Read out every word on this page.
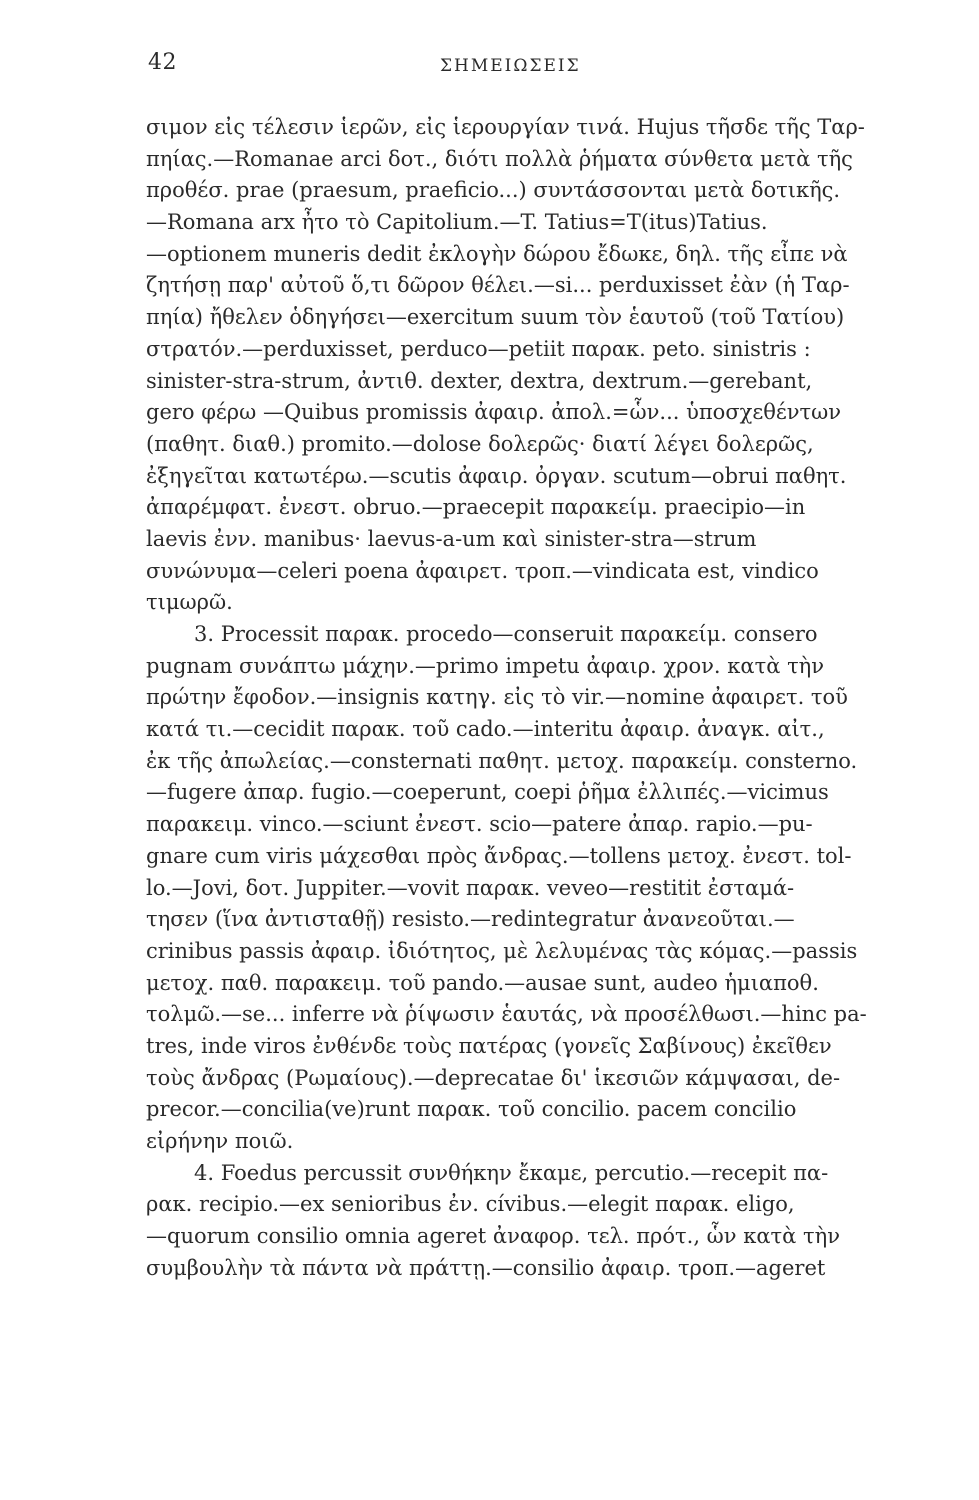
42	ΣΗΜΕΙΩΣΕΙΣ
σιμον εἰς τέλεσιν ἱερῶν, εἰς ἱερουργίαν τινά. Hujus τῆσδε τῆς Ταρ-
πηίας.—Romanae arci δοτ., διότι πολλὰ ῥήματα σύνθετα μετὰ τῆς
προθέσ. prae (praesum, praeficio...) συντάσσονται μετὰ δοτικῆς.
—Romana arx ἦτο τὸ Capitolium.—T. Tatius=T(itus)Tatius.
—optionem muneris dedit ἐκλογὴν δώρου ἔδωκε, δηλ. τῆς εἶπε νὰ
ζητήσῃ παρ' αὐτοῦ ὅ,τι δῶρον θέλει.—si... perduxisset ἐὰν (ἡ Ταρ-
πηία) ἤθελεν ὁδηγήσει—exercitum suum τὸν ἑαυτοῦ (τοῦ Τατίου)
στρατόν.—perduxisset, perduco—petiit παρακ. peto. sinistris :
sinister-stra-strum, ἀντιθ. dexter, dextra, dextrum.—gerebant,
gero φέρω —Quibus promissis ἀφαιρ. ἀπολ.=ὧν... ὑποσχεθέντων
(παθητ. διαθ.) promito.—dolose δολερῶς· διατί λέγει δολερῶς,
ἐξηγεῖται κατωτέρω.—scutis ἀφαιρ. ὀργαν. scutum—obrui παθητ.
ἀπαρέμφατ. ἐνεστ. obruo.—praecepit παρακείμ. praecipio—in
laevis ἐνν. manibus· laevus-a-um καὶ sinister-stra—strum
συνώνυμα—celeri poena ἀφαιρετ. τροπ.—vindicata est, vindico
τιμωρῶ.
3. Processit παρακ. procedo—conseruit παρακείμ. consero
pugnam συνάπτω μάχην.—primo impetu ἀφαιρ. χρον. κατὰ τὴν
πρώτην ἔφοδον.—insignis κατηγ. εἰς τὸ vir.—nomine ἀφαιρετ. τοῦ
κατά τι.—cecidit παρακ. τοῦ cado.—interitu ἀφαιρ. ἀναγκ. αἰτ.,
ἐκ τῆς ἀπωλείας.—consternati παθητ. μετοχ. παρακείμ. consterno.
—fugere ἀπαρ. fugio.—coeperunt, coepi ῥῆμα ἐλλιπές.—vicimus
παρακειμ. vinco.—sciunt ἐνεστ. scio—patere ἀπαρ. rapio.—pu-
gnare cum viris μάχεσθαι πρὸς ἄνδρας.—tollens μετοχ. ἐνεστ. tol-
lo.—Jovi, δοτ. Juppiter.—vovit παρακ. veveo—restitit ἐσταμά-
τησεν (ἵνα ἀντισταθῇ) resisto.—redintegratur ἀνανεοῦται.—
crinibus passis ἀφαιρ. ἰδιότητος, μὲ λελυμένας τὰς κόμας.—passis
μετοχ. παθ. παρακειμ. τοῦ pando.—ausae sunt, audeo ἡμιαποθ.
τολμῶ.—se... inferre νὰ ῥίψωσιν ἑαυτάς, νὰ προσέλθωσι.—hinc pa-
tres, inde viros ἐνθένδε τοὺς πατέρας (γονεῖς Σαβίνους) ἐκεῖθεν
τοὺς ἄνδρας (Ρωμαίους).—deprecatae δι' ἱκεσιῶν κάμψασαι, de-
precor.—concilia(ve)runt παρακ. τοῦ concilio. pacem concilio
εἰρήνην ποιῶ.
4. Foedus percussit συνθήκην ἔκαμε, percutio.—recepit πα-
ρακ. recipio.—ex senioribus ἐν. cívibus.—elegit παρακ. eligo,
—quorum consilio omnia ageret ἀναφορ. τελ. πρότ., ὧν κατὰ τὴν
συμβουλὴν τὰ πάντα νὰ πράττῃ.—consilio ἀφαιρ. τροπ.—ageret
